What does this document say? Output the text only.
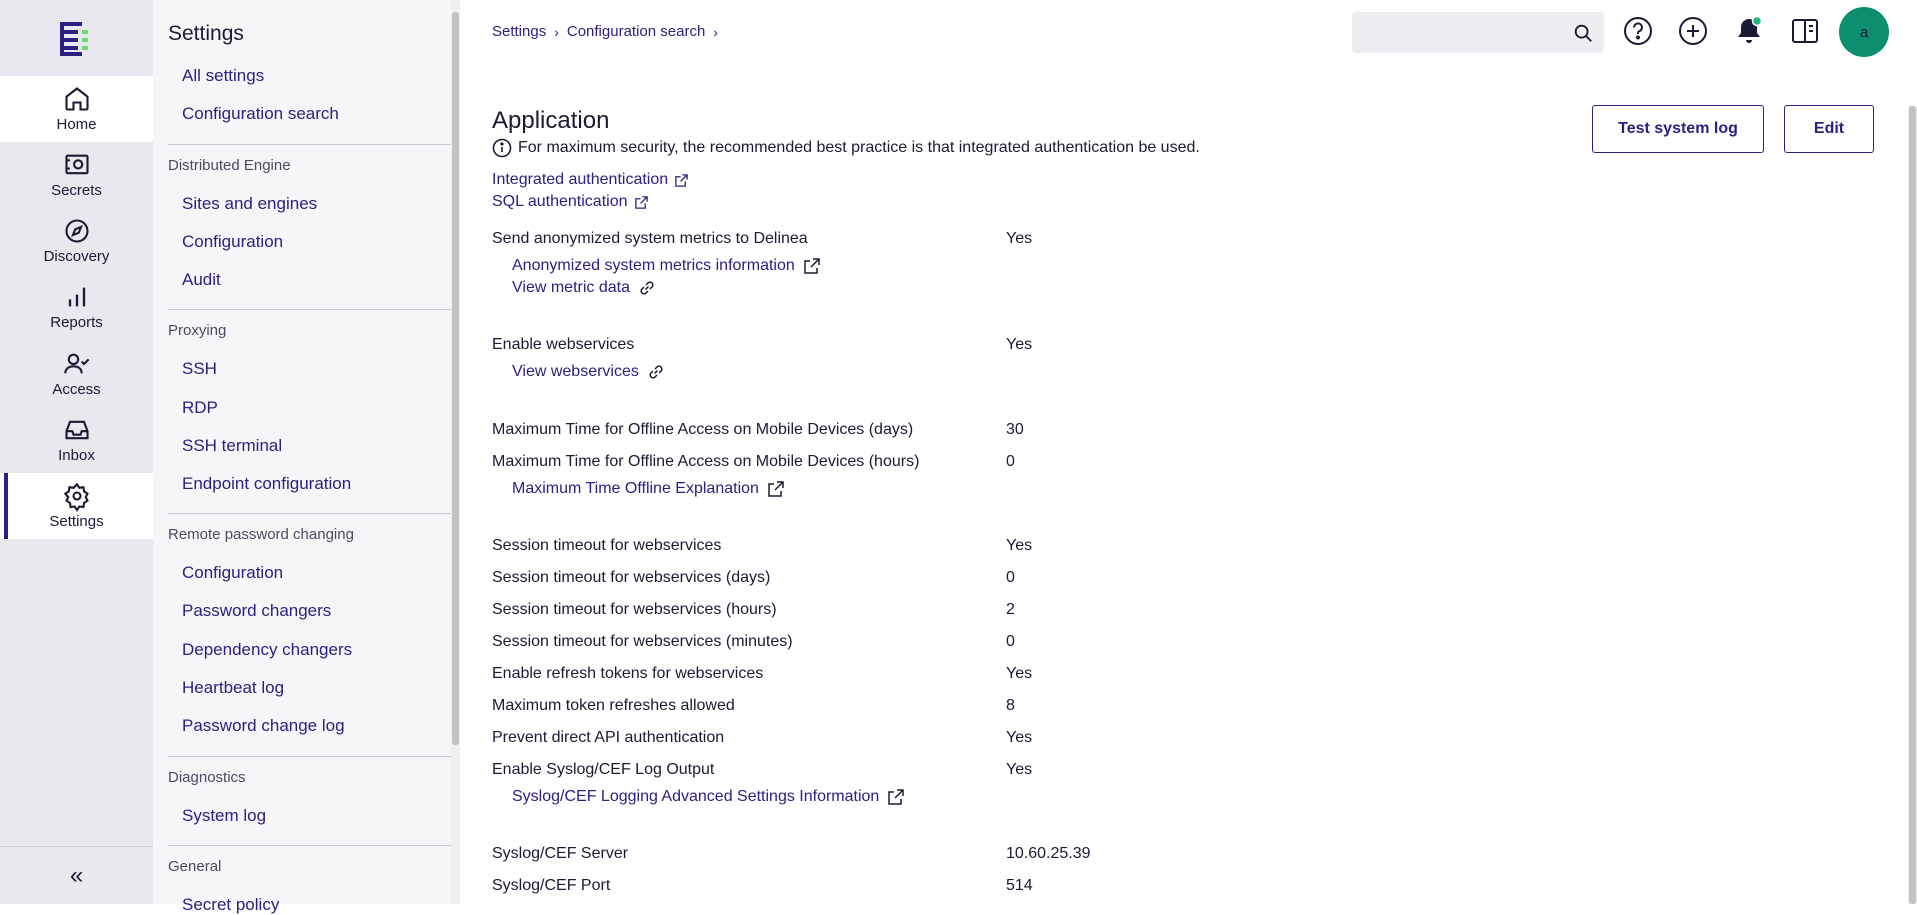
Home
Secrets
Discovery
Reports
Access
Inbox
Settings
«
Settings
All settings
Configuration search
Distributed Engine
Sites and engines
Configuration
Audit
Proxying
SSH
RDP
SSH terminal
Endpoint configuration
Remote password changing
Configuration
Password changers
Dependency changers
Heartbeat log
Password change log
Diagnostics
System log
General
Secret policy
Settings › Configuration search ›	a
Application	Test system log	Edit
For maximum security, the recommended best practice is that integrated authentication be used.
Integrated authentication
SQL authentication
Send anonymized system metrics to Delinea	Yes
Anonymized system metrics information
View metric data
Enable webservices	Yes
View webservices
Maximum Time for Offline Access on Mobile Devices (days)	30
Maximum Time for Offline Access on Mobile Devices (hours)	0
Maximum Time Offline Explanation
Session timeout for webservices	Yes
Session timeout for webservices (days)	0
Session timeout for webservices (hours)	2
Session timeout for webservices (minutes)	0
Enable refresh tokens for webservices	Yes
Maximum token refreshes allowed	8
Prevent direct API authentication	Yes
Enable Syslog/CEF Log Output	Yes
Syslog/CEF Logging Advanced Settings Information
Syslog/CEF Server	10.60.25.39
Syslog/CEF Port	514
